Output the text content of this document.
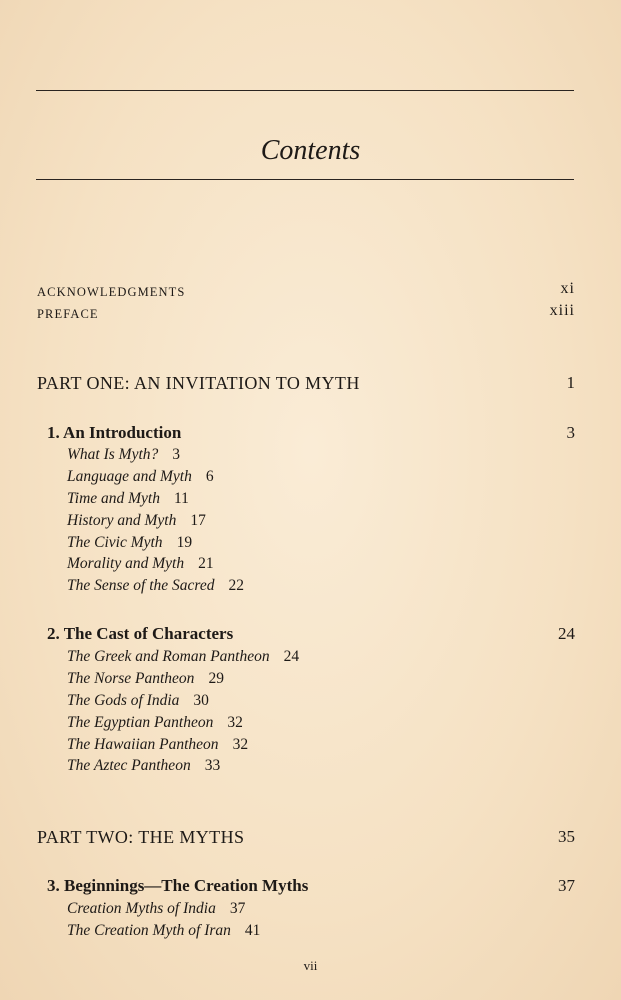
Contents
ACKNOWLEDGMENTS	xi
PREFACE	xiii
PART ONE: AN INVITATION TO MYTH	1
1. An Introduction	3
What Is Myth? 3
Language and Myth 6
Time and Myth 11
History and Myth 17
The Civic Myth 19
Morality and Myth 21
The Sense of the Sacred 22
2. The Cast of Characters	24
The Greek and Roman Pantheon 24
The Norse Pantheon 29
The Gods of India 30
The Egyptian Pantheon 32
The Hawaiian Pantheon 32
The Aztec Pantheon 33
PART TWO: THE MYTHS	35
3. Beginnings—The Creation Myths	37
Creation Myths of India 37
The Creation Myth of Iran 41
vii
